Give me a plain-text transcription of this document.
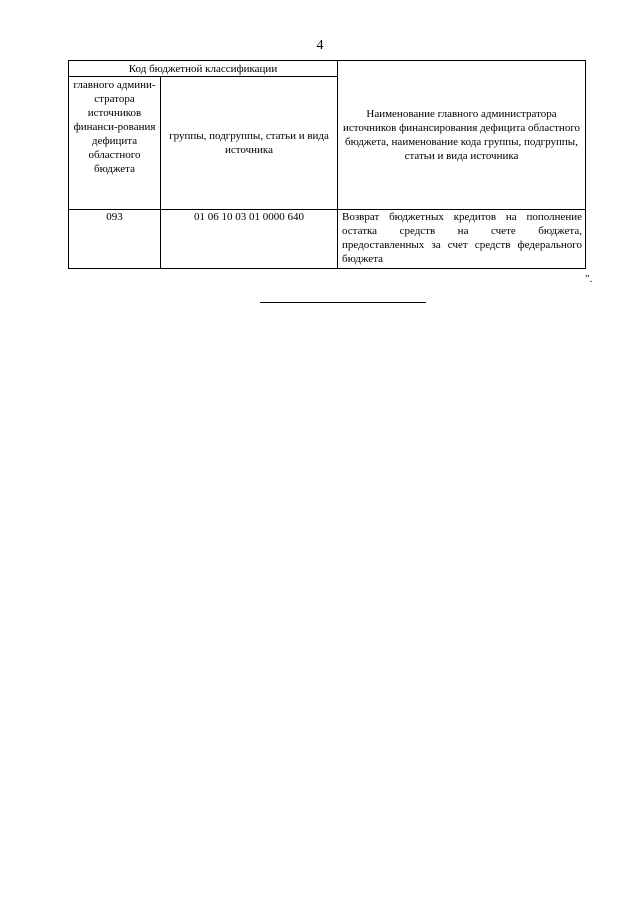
4
Код бюджетной классификации		Наименование главного администратора источников финансирования дефицита областного бюджета, наименование кода группы, подгруппы, статьи и вида источника
главного админи-стратора источников финанси-рования дефицита областного бюджета	группы, подгруппы, статьи и вида источника	
093	01 06 10 03 01 0000 640	Возврат бюджетных кредитов на пополнение остатка средств на счете бюджета, предоставленных за счет средств федерального бюджета
".
